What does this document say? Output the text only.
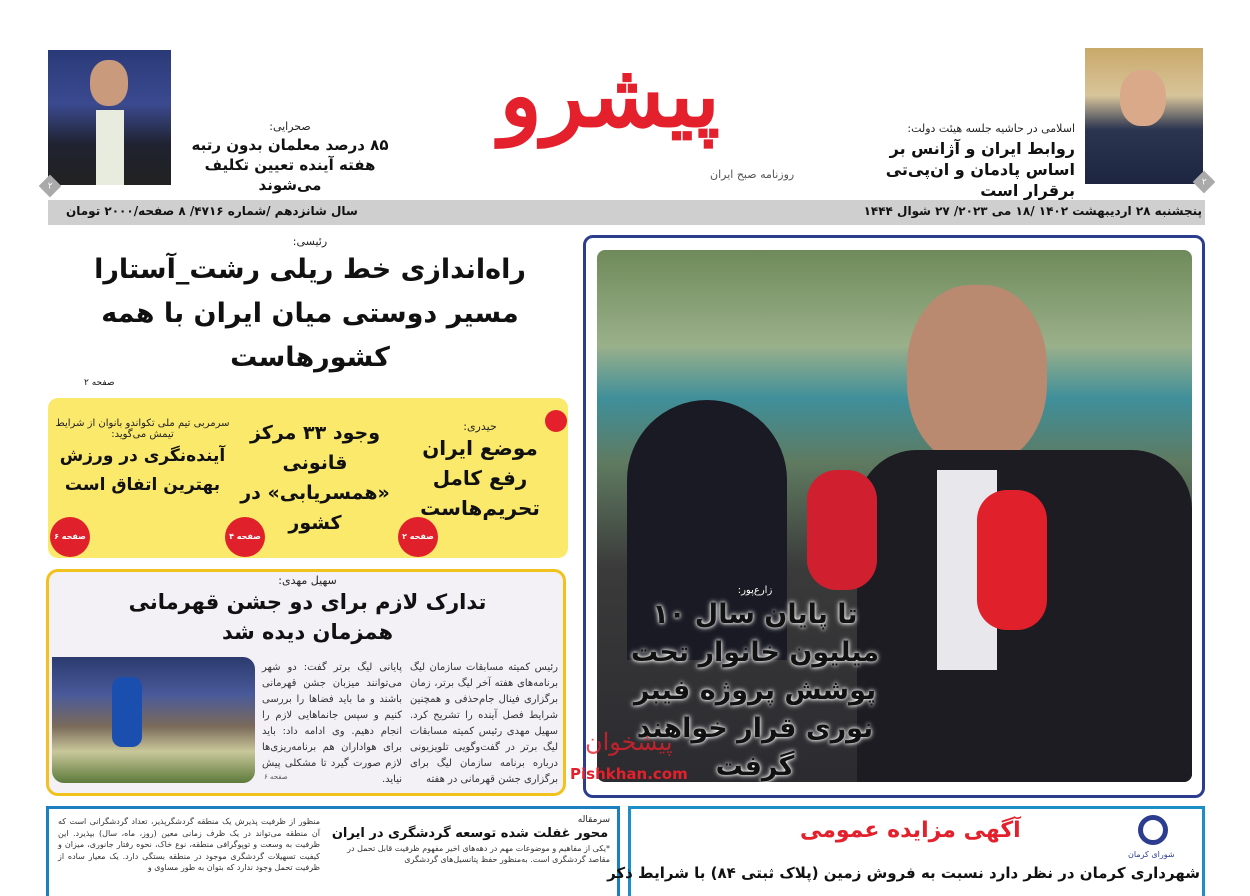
پیشرو
روزنامه صبح ایران
۲
اسلامی در حاشیه جلسه هیئت دولت:
روابط ایران و آژانس بر اساس پادمان و ان‌پی‌تی برقرار است
۲
صحرایی:
۸۵ درصد معلمان بدون رتبه هفته آینده تعیین تکلیف می‌شوند
پنجشنبه ۲۸ اردیبهشت ۱۴۰۲ /۱۸ می ۲۰۲۳/ ۲۷ شوال ۱۴۴۴
سال شانزدهم /شماره ۴۷۱۶/ ۸ صفحه/۲۰۰۰ تومان
رئیسی:
راه‌اندازی خط ریلی رشت_آستارا مسیر دوستی میان ایران با همه کشورهاست
صفحه ۲
حیدری:
موضع ایران رفع کامل تحریم‌هاست
وجود ۳۳ مرکز قانونی «همسریابی» در کشور
سرمربی تیم ملی تکواندو بانوان از شرایط تیمش می‌گوید:
آینده‌نگری در ورزش بهترین اتفاق است
صفحه ۲
صفحه ۴
صفحه ۶
سهیل مهدی:
تدارک لازم برای دو جشن قهرمانی همزمان دیده شد
رئیس کمیته مسابقات سازمان لیگ برنامه‌های هفته آخر لیگ برتر، زمان برگزاری فینال جام‌حذفی و همچنین شرایط فصل آینده را تشریح کرد. سهیل مهدی رئیس کمیته مسابقات لیگ برتر در گفت‌وگویی تلویزیونی درباره برنامه سازمان لیگ برای برگزاری جشن قهرمانی در هفته
پایانی لیگ برتر گفت: دو شهر می‌توانند میزبان جشن قهرمانی باشند و ما باید فضاها را بررسی کنیم و سپس جانماهایی لازم را انجام دهیم. وی ادامه داد: باید برای هواداران هم برنامه‌ریزی‌ها لازم صورت گیرد تا مشکلی پیش نیاید.
صفحه ۶
زارع‌پور:
تا پایان سال ۱۰ میلیون خانوار تحت پوشش پروژه فیبر نوری قرار خواهند گرفت
پیشخوان
Pishkhan.com
سرمقاله
محور غفلت شده توسعه گردشگری در ایران
*یکی از مفاهیم و موضوعات مهم در دهه‌های اخیر مفهوم ظرفیت قابل تحمل در مقاصد گردشگری است. به‌منظور حفظ پتانسیل‌های گردشگری
منظور از ظرفیت پذیرش یک منطقه گردشگرپذیر، تعداد گردشگرانی است که آن منطقه می‌تواند در یک ظرف زمانی معین (روز، ماه، سال) بپذیرد. این ظرفیت به وسعت و توپوگرافی منطقه، نوع خاک، نحوه رفتار جانوری، میزان و کیفیت تسهیلات گردشگری موجود در منطقه بستگی دارد. یک معیار ساده از ظرفیت تحمل وجود ندارد که بتوان به طور مساوی و
شورای کرمان
آگهی مزایده عمومی
شهرداری کرمان در نظر دارد نسبت به فروش زمین (پلاک ثبتی ۸۴) با شرایط ذکر
